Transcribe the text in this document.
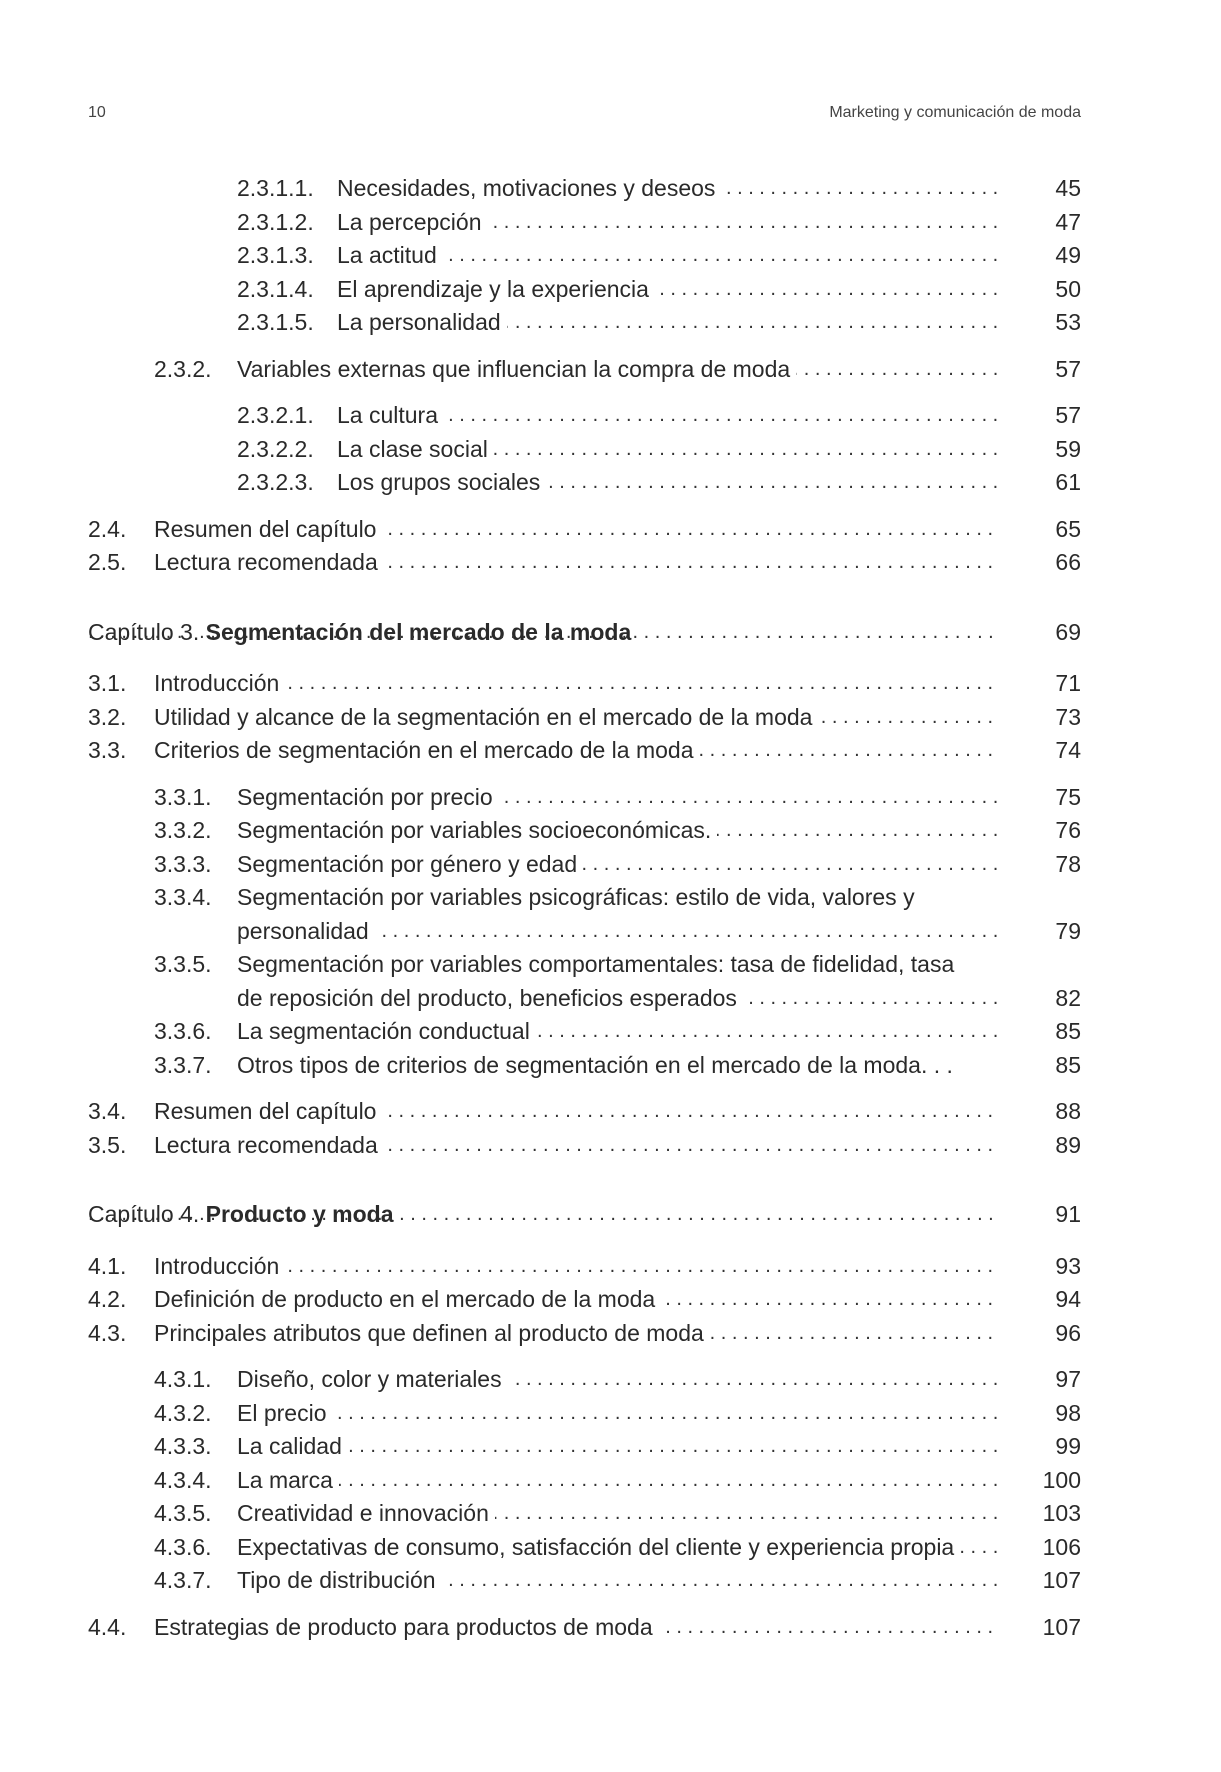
10	Marketing y comunicación de moda
2.3.1.1. Necesidades, motivaciones y deseos . . .	45
2.3.1.2. La percepción . . .	47
2.3.1.3. La actitud . . .	49
2.3.1.4. El aprendizaje y la experiencia . . .	50
2.3.1.5. La personalidad . . .	53
2.3.2. Variables externas que influencian la compra de moda . . .	57
2.3.2.1. La cultura . . .	57
2.3.2.2. La clase social . . .	59
2.3.2.3. Los grupos sociales . . .	61
2.4. Resumen del capítulo . . .	65
2.5. Lectura recomendada . . .	66
Capítulo 3. Segmentación del mercado de la moda . . .	69
3.1. Introducción . . .	71
3.2. Utilidad y alcance de la segmentación en el mercado de la moda . . .	73
3.3. Criterios de segmentación en el mercado de la moda . . .	74
3.3.1. Segmentación por precio . . .	75
3.3.2. Segmentación por variables socioeconómicas. . . .	76
3.3.3. Segmentación por género y edad . . .	78
3.3.4. Segmentación por variables psicográficas: estilo de vida, valores y
personalidad . . .	79
3.3.5. Segmentación por variables comportamentales: tasa de fidelidad, tasa
de reposición del producto, beneficios esperados . . .	82
3.3.6. La segmentación conductual . . .	85
3.3.7. Otros tipos de criterios de segmentación en el mercado de la moda. . .	85
3.4. Resumen del capítulo . . .	88
3.5. Lectura recomendada . . .	89
Capítulo 4. Producto y moda . . .	91
4.1. Introducción . . .	93
4.2. Definición de producto en el mercado de la moda . . .	94
4.3. Principales atributos que definen al producto de moda . . .	96
4.3.1. Diseño, color y materiales . . .	97
4.3.2. El precio . . .	98
4.3.3. La calidad . . .	99
4.3.4. La marca . . .	100
4.3.5. Creatividad e innovación . . .	103
4.3.6. Expectativas de consumo, satisfacción del cliente y experiencia propia . . .	106
4.3.7. Tipo de distribución . . .	107
4.4. Estrategias de producto para productos de moda . . .	107
